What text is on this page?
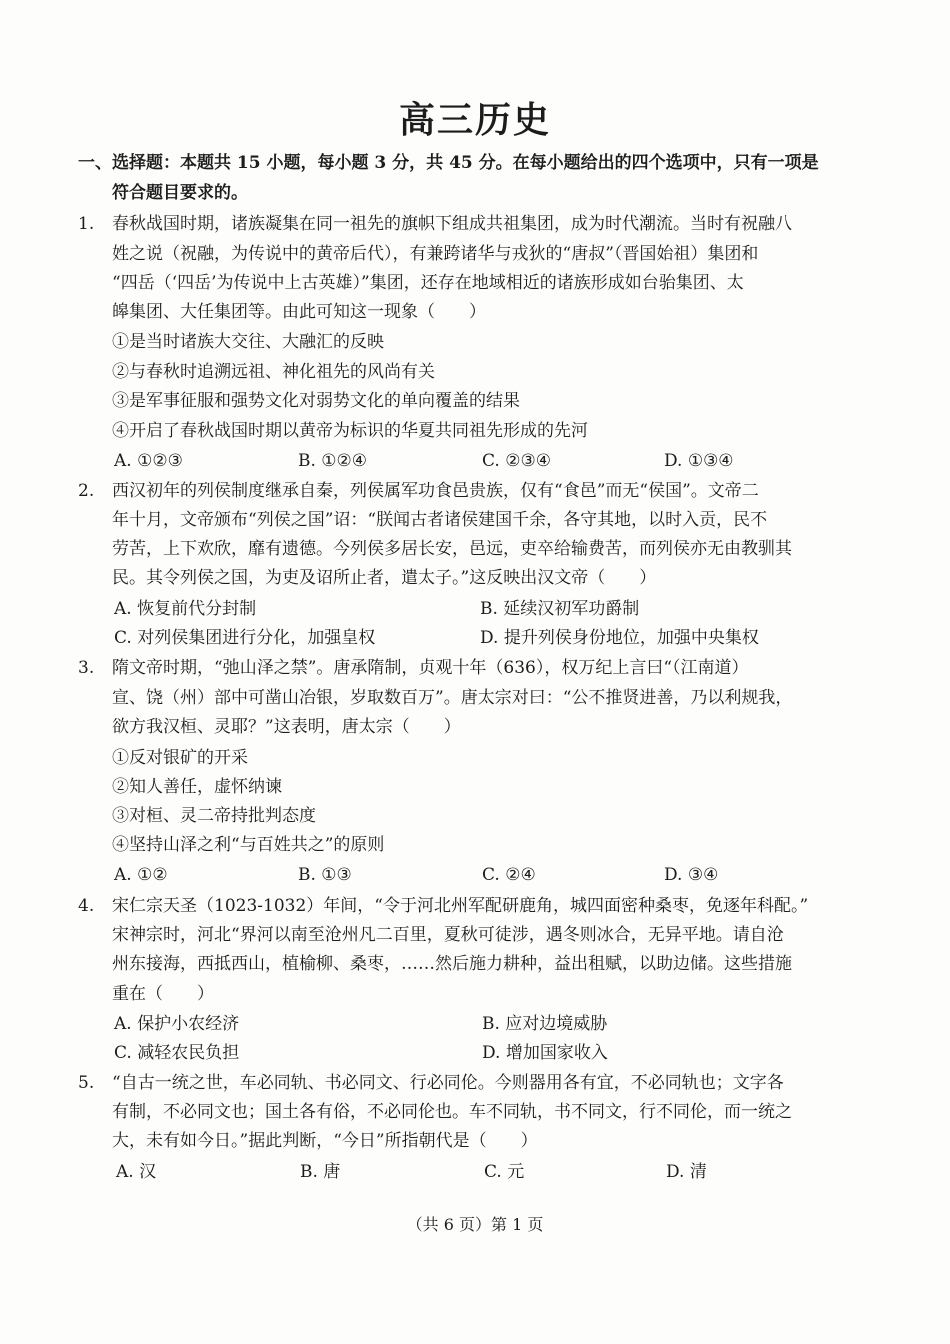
高三历史
一、选择题：本题共 15 小题，每小题 3 分，共 45 分。在每小题给出的四个选项中，只有一项是
符合题目要求的。
1. 春秋战国时期，诸族凝集在同一祖先的旗帜下组成共祖集团，成为时代潮流。当时有祝融八
姓之说（祝融，为传说中的黄帝后代），有兼跨诸华与戎狄的“唐叔”（晋国始祖）集团和
“四岳（‘四岳’为传说中上古英雄）”集团，还存在地域相近的诸族形成如台骀集团、太
皞集团、大任集团等。由此可知这一现象（　　）
①是当时诸族大交往、大融汇的反映
②与春秋时追溯远祖、神化祖先的风尚有关
③是军事征服和强势文化对弱势文化的单向覆盖的结果
④开启了春秋战国时期以黄帝为标识的华夏共同祖先形成的先河
A. ①②③	B. ①②④	C. ②③④	D. ①③④
2. 西汉初年的列侯制度继承自秦，列侯属军功食邑贵族，仅有“食邑”而无“侯国”。文帝二
年十月，文帝颁布“列侯之国”诏：“朕闻古者诸侯建国千余，各守其地，以时入贡，民不
劳苦，上下欢欣，靡有遗德。今列侯多居长安，邑远，吏卒给输费苦，而列侯亦无由教驯其
民。其令列侯之国，为吏及诏所止者，遣太子。”这反映出汉文帝（　　）
A. 恢复前代分封制	B. 延续汉初军功爵制
C. 对列侯集团进行分化，加强皇权	D. 提升列侯身份地位，加强中央集权
3. 隋文帝时期，“弛山泽之禁”。唐承隋制，贞观十年（636），权万纪上言曰“（江南道）
宣、饶（州）部中可凿山冶银，岁取数百万”。唐太宗对曰：“公不推贤进善，乃以利规我，
欲方我汉桓、灵耶？”这表明，唐太宗（　　）
①反对银矿的开采
②知人善任，虚怀纳谏
③对桓、灵二帝持批判态度
④坚持山泽之利“与百姓共之”的原则
A. ①②	B. ①③	C. ②④	D. ③④
4. 宋仁宗天圣（1023-1032）年间，“令于河北州军配研鹿角，城四面密种桑枣，免逐年科配。”
宋神宗时，河北“界河以南至沧州凡二百里，夏秋可徒涉，遇冬则冰合，无异平地。请自沧
州东接海，西抵西山，植榆柳、桑枣，……然后施力耕种，益出租赋，以助边储。这些措施
重在（　　）
A. 保护小农经济	B. 应对边境威胁
C. 减轻农民负担	D. 增加国家收入
5. “自古一统之世，车必同轨、书必同文、行必同伦。今则器用各有宜，不必同轨也；文字各
有制，不必同文也；国土各有俗，不必同伦也。车不同轨，书不同文，行不同伦，而一统之
大，未有如今日。”据此判断，“今日”所指朝代是（　　）
A. 汉	B. 唐	C. 元	D. 清
（共 6 页）第 1 页
